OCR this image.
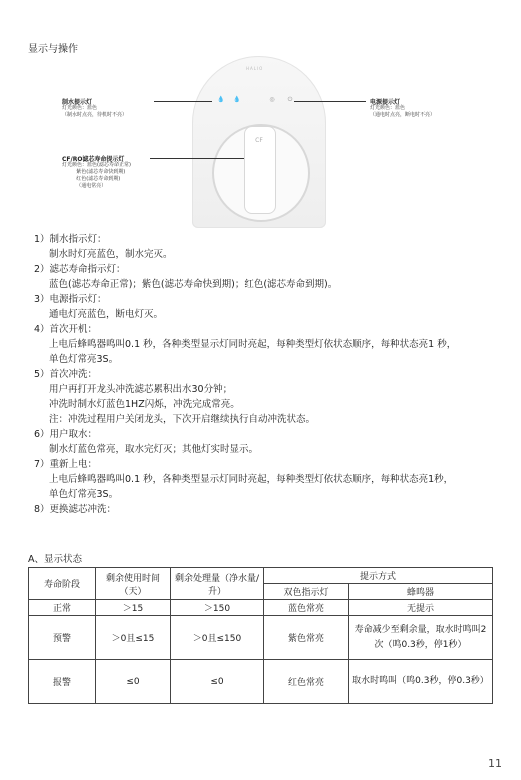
显示与操作
HALIO
💧 💧	◎ ⏻
CF
制水提示灯
灯光颜色：蓝色
（制水时点亮，待机时不亮）
电源提示灯
灯光颜色：蓝色
（通电时点亮，断电时不亮）
CF/RO滤芯寿命提示灯
灯光颜色：蓝色(滤芯寿命正常)
紫色(滤芯寿命快到期)
红色(滤芯寿命到期)
（通电常亮）
1）制水指示灯：
制水时灯亮蓝色，制水完灭。
2）滤芯寿命指示灯：
蓝色(滤芯寿命正常)；紫色(滤芯寿命快到期)；红色(滤芯寿命到期)。
3）电源指示灯：
通电灯亮蓝色，断电灯灭。
4）首次开机：
上电后蜂鸣器鸣叫0.1 秒，各种类型显示灯同时亮起，每种类型灯依状态顺序，每种状态亮1 秒，
单色灯常亮3S。
5）首次冲洗：
用户再打开龙头冲洗滤芯累积出水30分钟；
冲洗时制水灯蓝色1HZ闪烁，冲洗完成常亮。
注：冲洗过程用户关闭龙头，下次开启继续执行自动冲洗状态。
6）用户取水：
制水灯蓝色常亮，取水完灯灭；其他灯实时显示。
7）重新上电：
上电后蜂鸣器鸣叫0.1 秒，各种类型显示灯同时亮起，每种类型灯依状态顺序，每种状态亮1秒，
单色灯常亮3S。
8）更换滤芯冲洗：
A、显示状态
寿命阶段	剩余使用时间（天）	剩余处理量（净水量/升）	提示方式	
			双色指示灯	蜂鸣器
正常	＞15	＞150	蓝色常亮	无提示
预警	＞0且≤15	＞0且≤150	紫色常亮	寿命减少至剩余量，取水时鸣叫2次（鸣0.3秒，停1秒）
报警	≤0	≤0	红色常亮	取水时鸣叫（鸣0.3秒，停0.3秒）
11
